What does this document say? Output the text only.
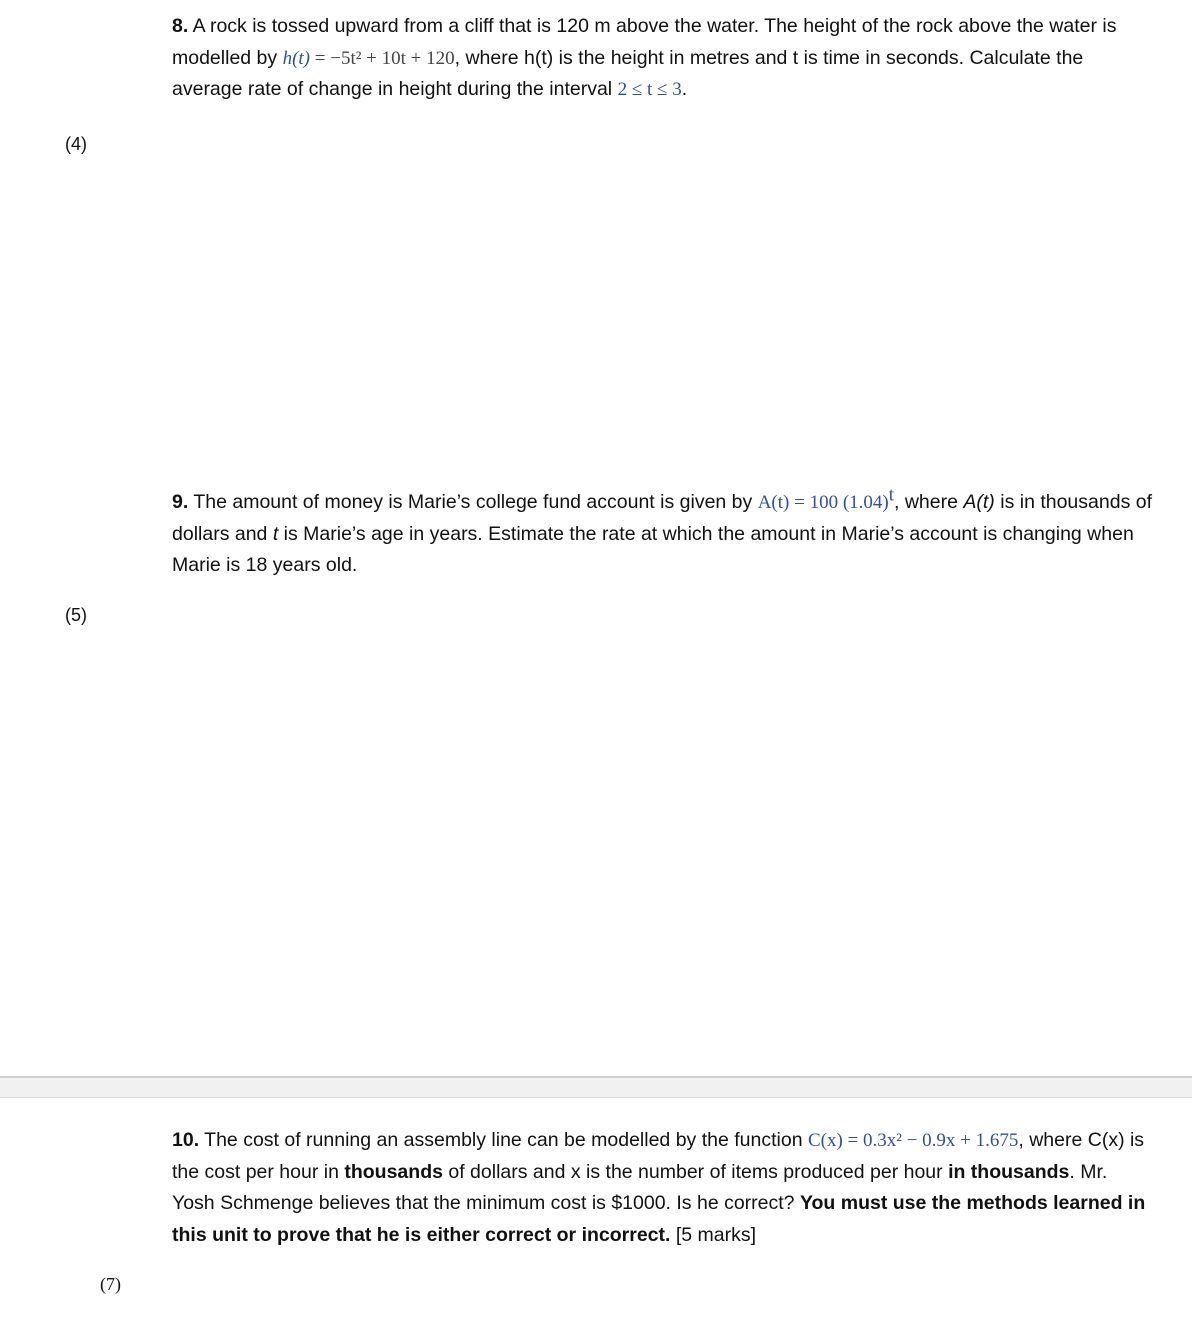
8. A rock is tossed upward from a cliff that is 120 m above the water. The height of the rock above the water is modelled by h(t) = −5t² + 10t + 120, where h(t) is the height in metres and t is time in seconds. Calculate the average rate of change in height during the interval 2 ≤ t ≤ 3.
(4)
9. The amount of money is Marie’s college fund account is given by A(t) = 100 $(1.04)^t$, where A(t) is in thousands of dollars and t is Marie’s age in years. Estimate the rate at which the amount in Marie’s account is changing when Marie is 18 years old.
(5)
10. The cost of running an assembly line can be modelled by the function C(x) = 0.3x² − 0.9x + 1.675, where C(x) is the cost per hour in thousands of dollars and x is the number of items produced per hour in thousands. Mr. Yosh Schmenge believes that the minimum cost is $1000. Is he correct? You must use the methods learned in this unit to prove that he is either correct or incorrect. [5 marks]
(7)
